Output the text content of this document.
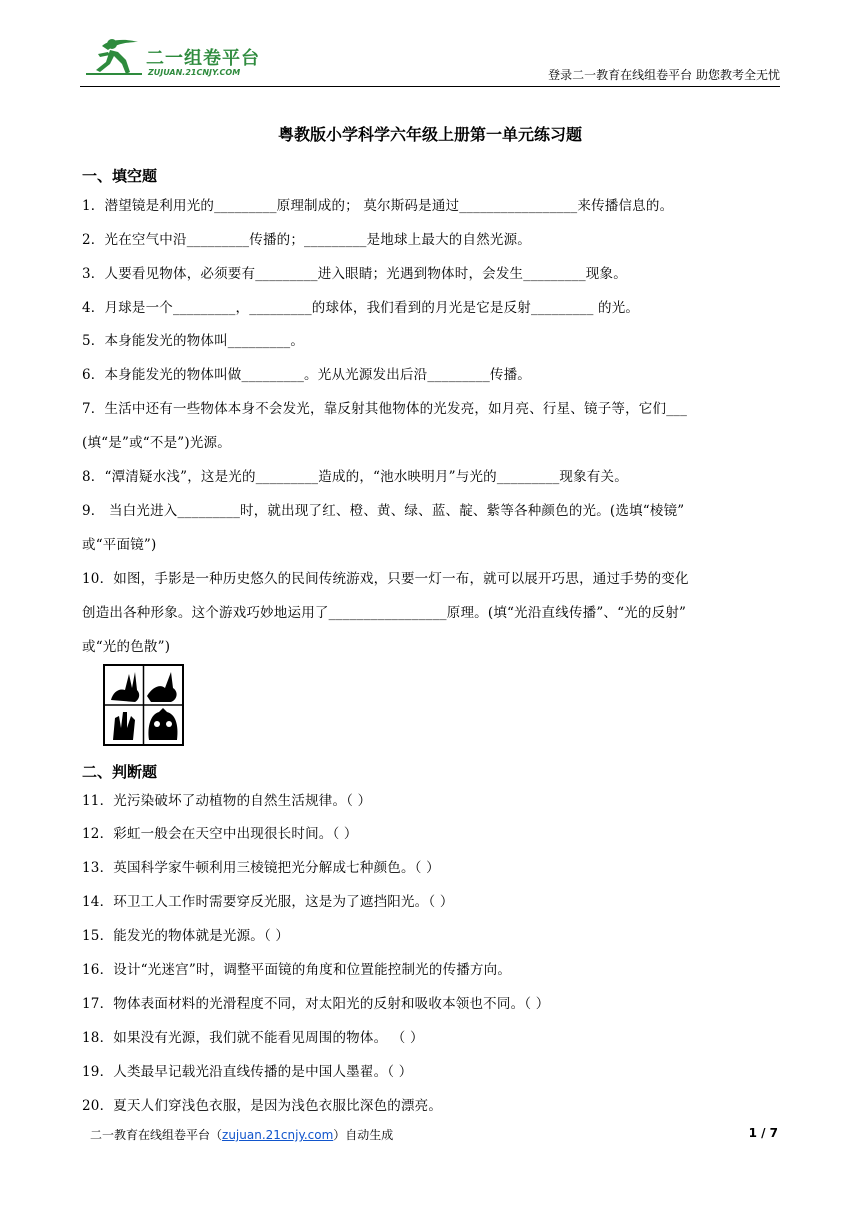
二一组卷平台
ZUJUAN.21CNJY.COM	登录二一教育在线组卷平台 助您教考全无忧
粤教版小学科学六年级上册第一单元练习题
一、填空题
1．潜望镜是利用光的_________原理制成的； 莫尔斯码是通过_________________来传播信息的。
2．光在空气中沿_________传播的；_________是地球上最大的自然光源。
3．人要看见物体，必须要有_________进入眼睛；光遇到物体时，会发生_________现象。
4．月球是一个_________，_________的球体，我们看到的月光是它是反射_________ 的光。
5．本身能发光的物体叫_________。
6．本身能发光的物体叫做_________。光从光源发出后沿_________传播。
7．生活中还有一些物体本身不会发光，靠反射其他物体的光发亮，如月亮、行星、镜子等，它们___
(填“是”或“不是”)光源。
8．“潭清疑水浅”，这是光的_________造成的，“池水映明月”与光的_________现象有关。
9． 当白光进入_________时，就出现了红、橙、黄、绿、蓝、靛、紫等各种颜色的光。(选填“棱镜”
或“平面镜”)
10．如图，手影是一种历史悠久的民间传统游戏，只要一灯一布，就可以展开巧思，通过手势的变化
创造出各种形象。这个游戏巧妙地运用了_________________原理。(填“光沿直线传播”、“光的反射”
或“光的色散”)
二、判断题
11．光污染破坏了动植物的自然生活规律。（ ）
12．彩虹一般会在天空中出现很长时间。（ ）
13．英国科学家牛顿利用三棱镜把光分解成七种颜色。（ ）
14．环卫工人工作时需要穿反光服，这是为了遮挡阳光。（ ）
15．能发光的物体就是光源。（ ）
16．设计“光迷宫”时，调整平面镜的角度和位置能控制光的传播方向。
17．物体表面材料的光滑程度不同，对太阳光的反射和吸收本领也不同。（ ）
18．如果没有光源，我们就不能看见周围的物体。 （ ）
19．人类最早记载光沿直线传播的是中国人墨翟。（ ）
20．夏天人们穿浅色衣服，是因为浅色衣服比深色的漂亮。
二一教育在线组卷平台（zujuan.21cnjy.com）自动生成	1 / 7
